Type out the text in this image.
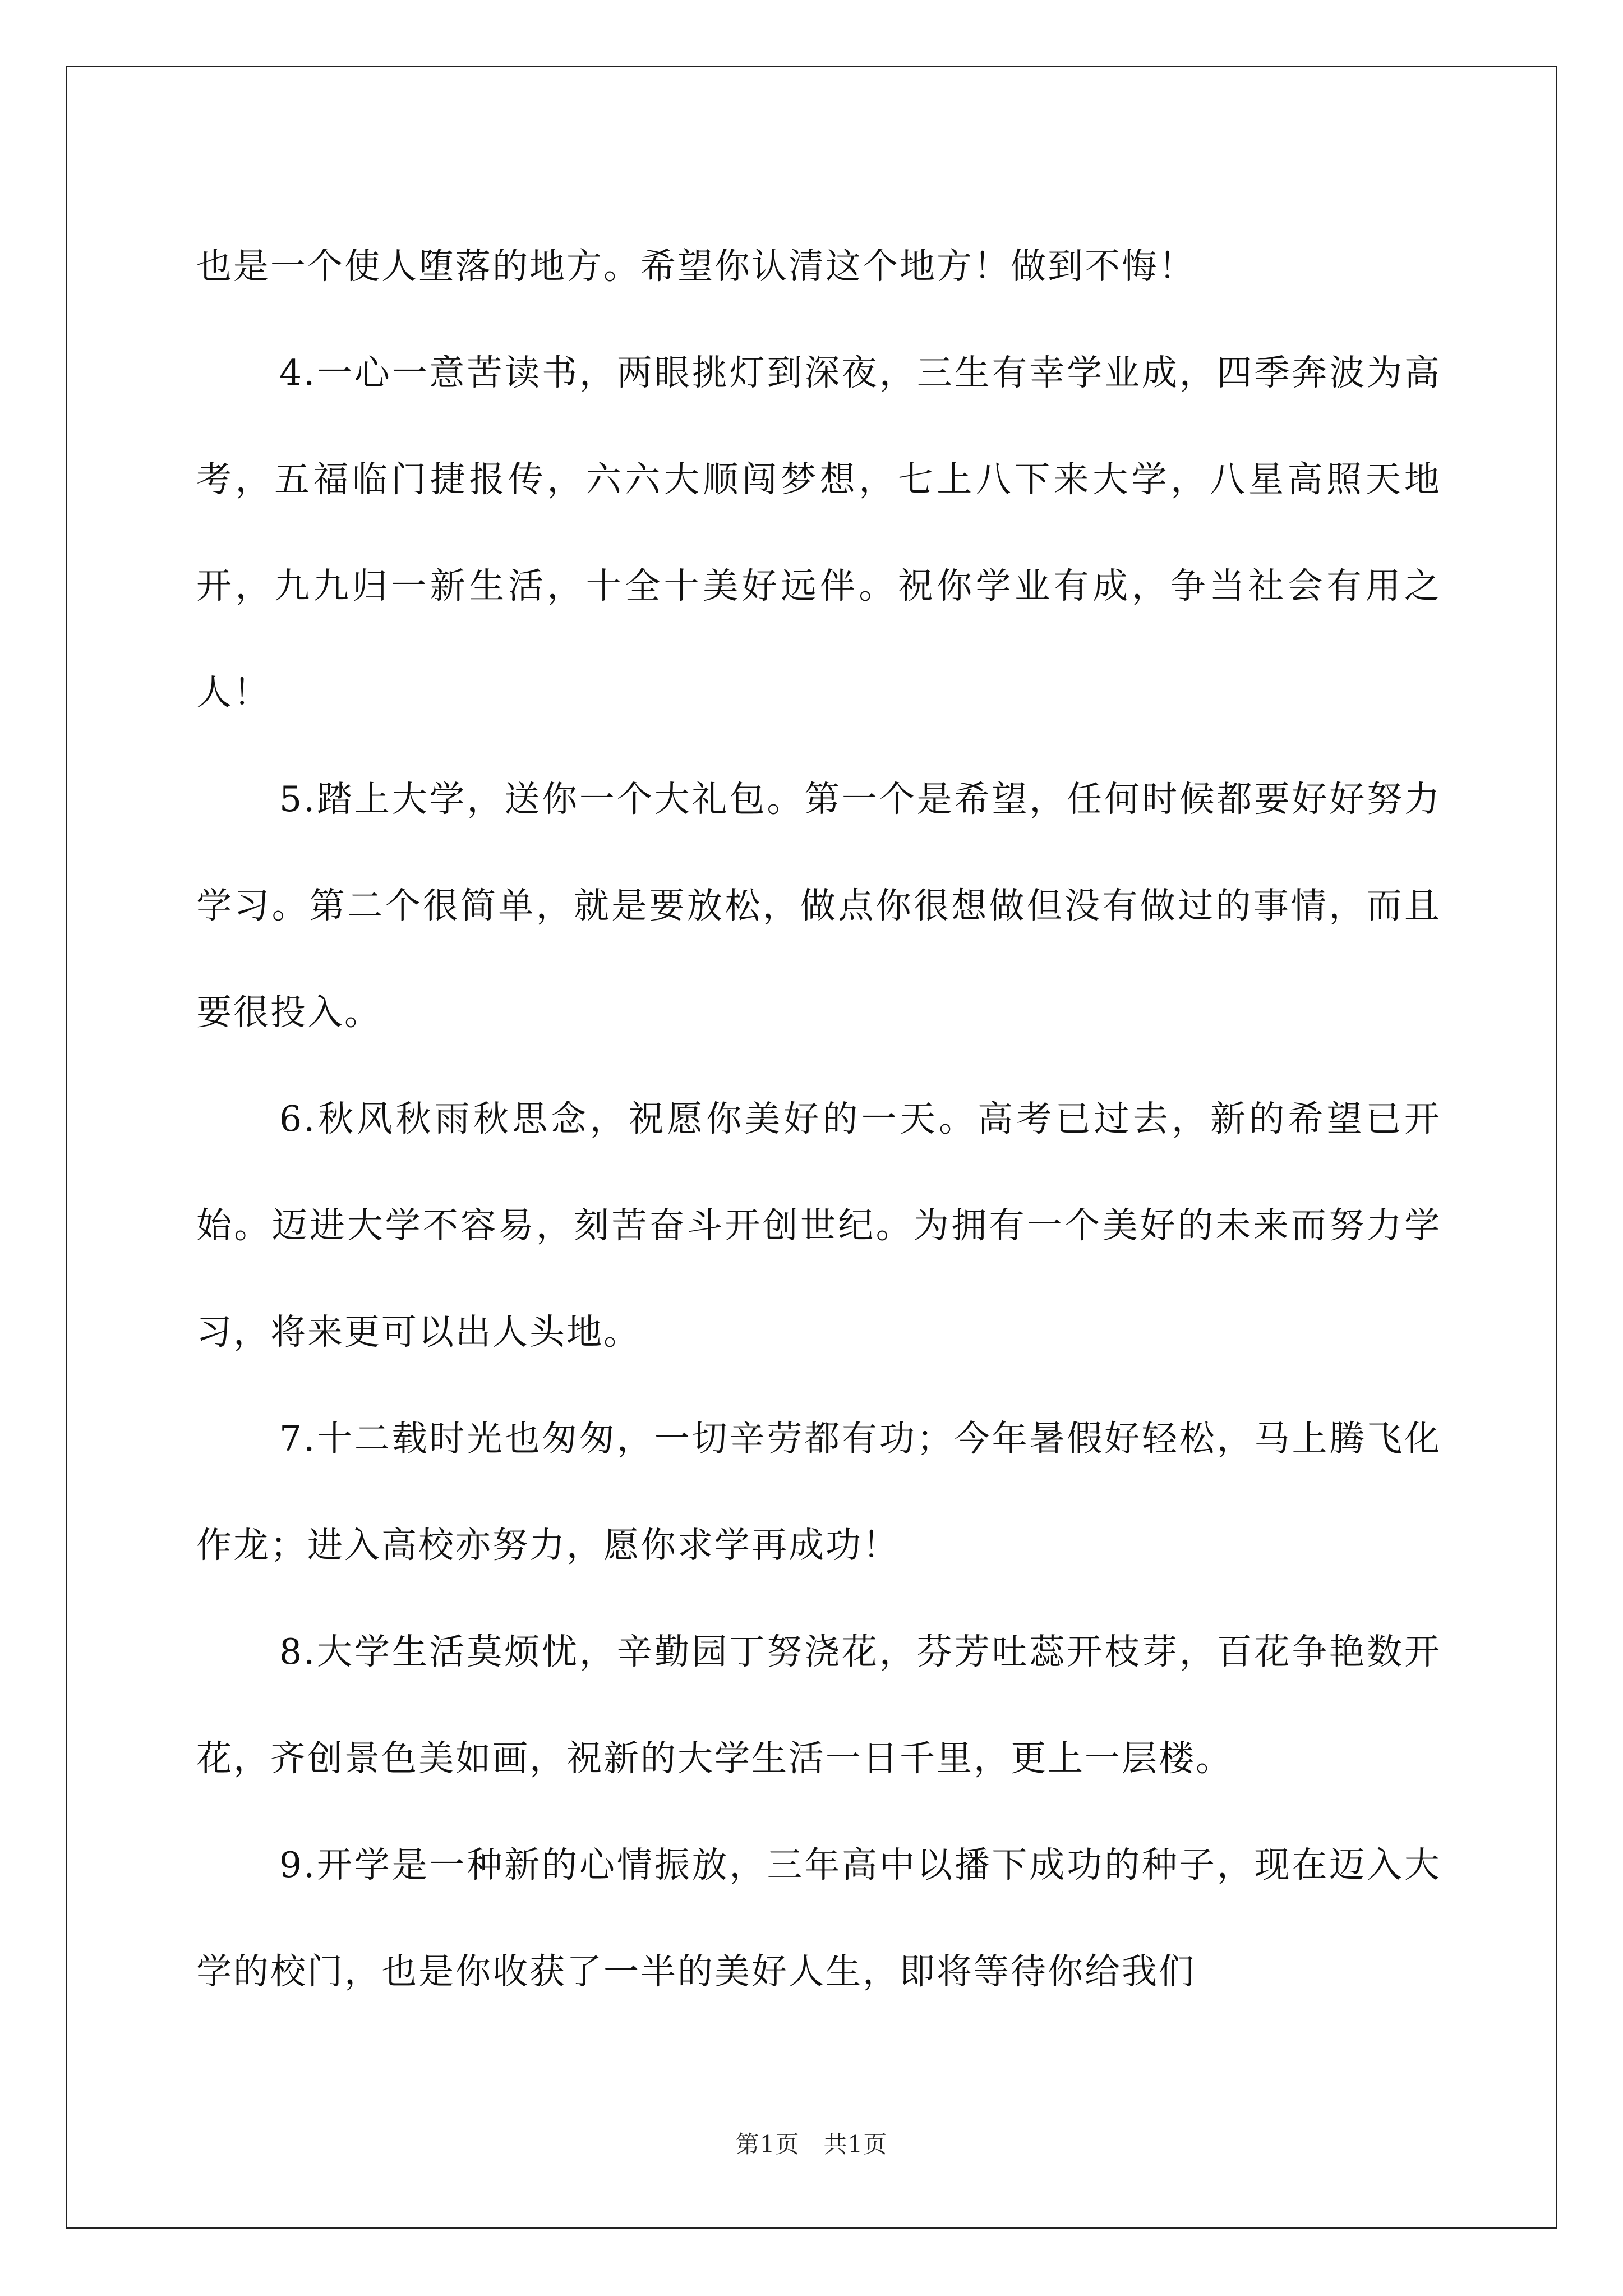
也是一个使人堕落的地方。希望你认清这个地方！做到不悔！

4.一心一意苦读书，两眼挑灯到深夜，三生有幸学业成，四季奔波为高考，五福临门捷报传，六六大顺闯梦想，七上八下来大学，八星高照天地开，九九归一新生活，十全十美好远伴。祝你学业有成，争当社会有用之人！

5.踏上大学，送你一个大礼包。第一个是希望，任何时候都要好好努力学习。第二个很简单，就是要放松，做点你很想做但没有做过的事情，而且要很投入。

6.秋风秋雨秋思念，祝愿你美好的一天。高考已过去，新的希望已开始。迈进大学不容易，刻苦奋斗开创世纪。为拥有一个美好的未来而努力学习，将来更可以出人头地。

7.十二载时光也匆匆，一切辛劳都有功；今年暑假好轻松，马上腾飞化作龙；进入高校亦努力，愿你求学再成功！

8.大学生活莫烦忧，辛勤园丁努浇花，芬芳吐蕊开枝芽，百花争艳数开花，齐创景色美如画，祝新的大学生活一日千里，更上一层楼。

9.开学是一种新的心情振放，三年高中以播下成功的种子，现在迈入大学的校门，也是你收获了一半的美好人生，即将等待你给我们

第1页　共1页
